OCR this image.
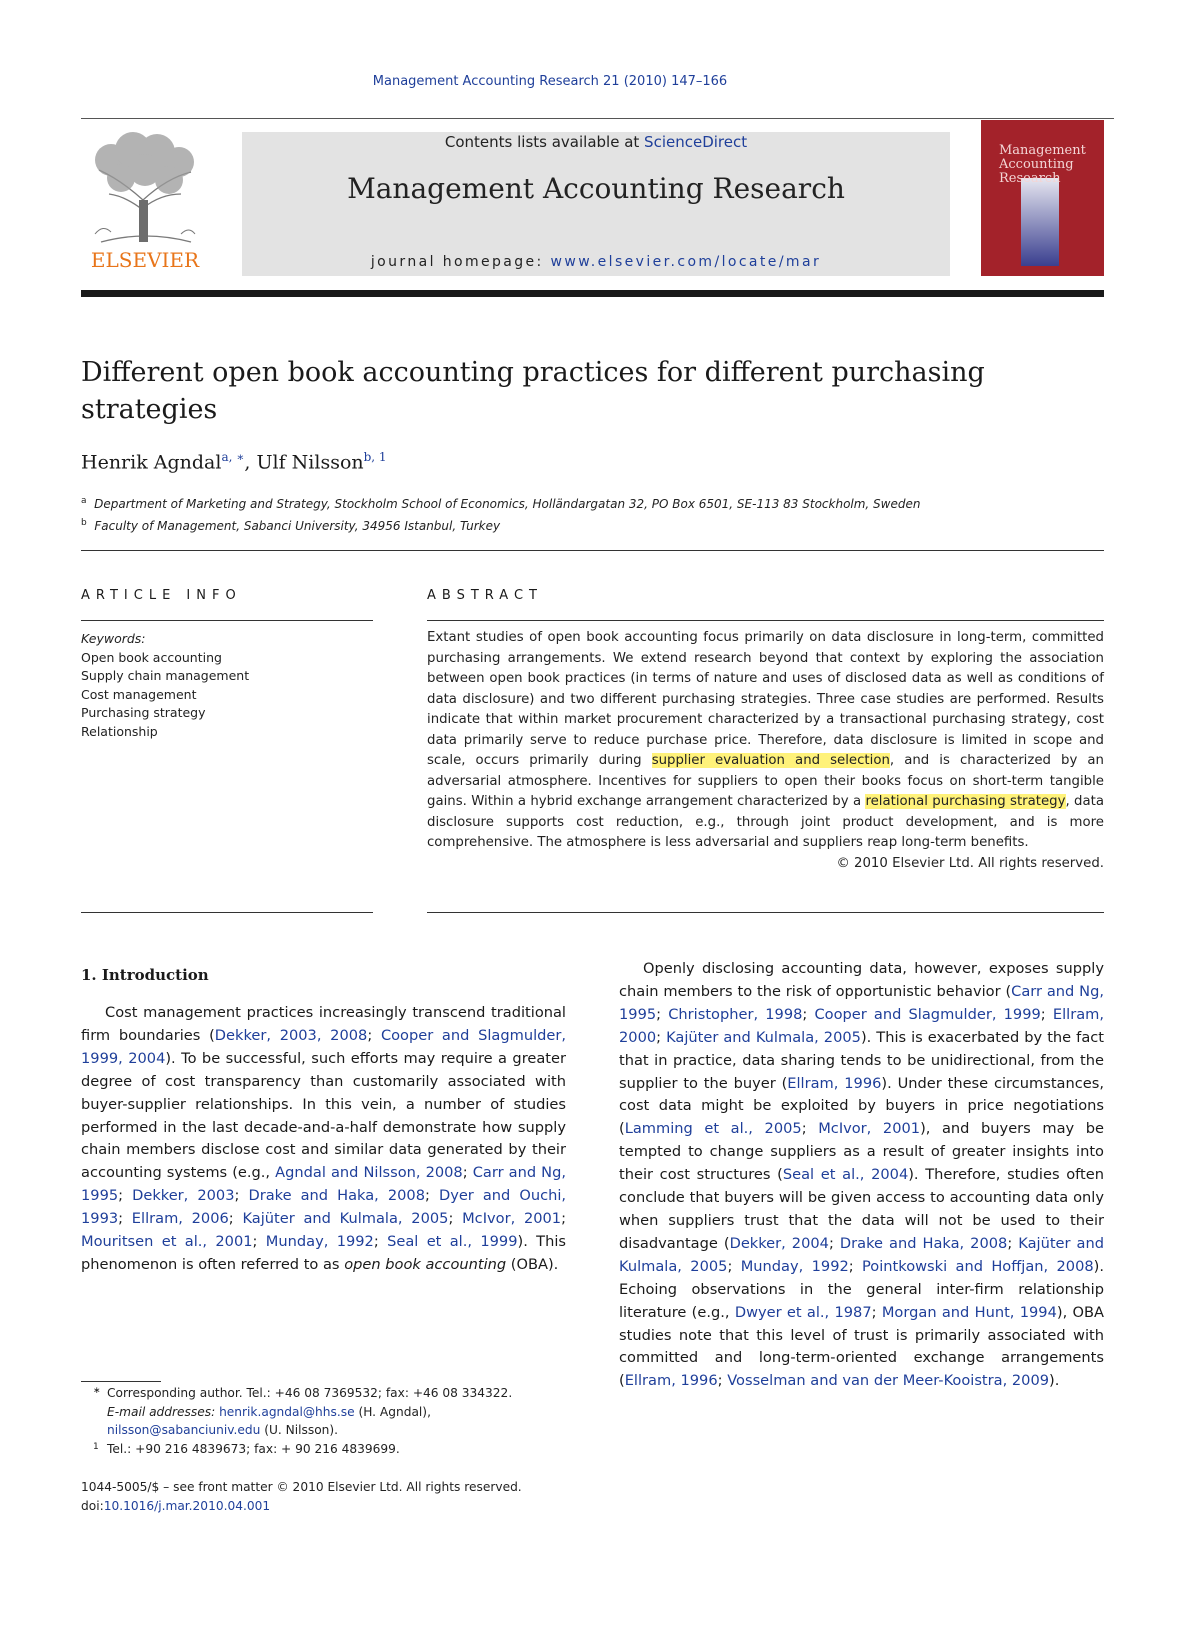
Management Accounting Research 21 (2010) 147–166
ELSEVIER
Contents lists available at ScienceDirect
Management Accounting Research
journal homepage: www.elsevier.com/locate/mar
Management Accounting Research
Different open book accounting practices for different purchasing strategies
Henrik Agndal$^{a, ∗}$, Ulf Nilsson$^{b, 1}$
$^a$ Department of Marketing and Strategy, Stockholm School of Economics, Holländargatan 32, PO Box 6501, SE-113 83 Stockholm, Sweden
$^b$ Faculty of Management, Sabanci University, 34956 Istanbul, Turkey
ARTICLE INFO	ABSTRACT
Keywords:
Open book accounting
Supply chain management
Cost management
Purchasing strategy
Relationship
Extant studies of open book accounting focus primarily on data disclosure in long-term, committed purchasing arrangements. We extend research beyond that context by exploring the association between open book practices (in terms of nature and uses of disclosed data as well as conditions of data disclosure) and two different purchasing strategies. Three case studies are performed. Results indicate that within market procurement characterized by a transactional purchasing strategy, cost data primarily serve to reduce purchase price. Therefore, data disclosure is limited in scope and scale, occurs primarily during supplier evaluation and selection, and is characterized by an adversarial atmosphere. Incentives for suppliers to open their books focus on short-term tangible gains. Within a hybrid exchange arrangement characterized by a relational purchasing strategy, data disclosure supports cost reduction, e.g., through joint product development, and is more comprehensive. The atmosphere is less adversarial and suppliers reap long-term benefits.
© 2010 Elsevier Ltd. All rights reserved.
1. Introduction
Cost management practices increasingly transcend traditional firm boundaries (Dekker, 2003, 2008; Cooper and Slagmulder, 1999, 2004). To be successful, such efforts may require a greater degree of cost transparency than customarily associated with buyer-supplier relationships. In this vein, a number of studies performed in the last decade-and-a-half demonstrate how supply chain members disclose cost and similar data generated by their accounting systems (e.g., Agndal and Nilsson, 2008; Carr and Ng, 1995; Dekker, 2003; Drake and Haka, 2008; Dyer and Ouchi, 1993; Ellram, 2006; Kajüter and Kulmala, 2005; McIvor, 2001; Mouritsen et al., 2001; Munday, 1992; Seal et al., 1999). This phenomenon is often referred to as open book accounting (OBA).
Openly disclosing accounting data, however, exposes supply chain members to the risk of opportunistic behavior (Carr and Ng, 1995; Christopher, 1998; Cooper and Slagmulder, 1999; Ellram, 2000; Kajüter and Kulmala, 2005). This is exacerbated by the fact that in practice, data sharing tends to be unidirectional, from the supplier to the buyer (Ellram, 1996). Under these circumstances, cost data might be exploited by buyers in price negotiations (Lamming et al., 2005; McIvor, 2001), and buyers may be tempted to change suppliers as a result of greater insights into their cost structures (Seal et al., 2004). Therefore, studies often conclude that buyers will be given access to accounting data only when suppliers trust that the data will not be used to their disadvantage (Dekker, 2004; Drake and Haka, 2008; Kajüter and Kulmala, 2005; Munday, 1992; Pointkowski and Hoffjan, 2008). Echoing observations in the general inter-firm relationship literature (e.g., Dwyer et al., 1987; Morgan and Hunt, 1994), OBA studies note that this level of trust is primarily associated with committed and long-term-oriented exchange arrangements (Ellram, 1996; Vosselman and van der Meer-Kooistra, 2009).
∗ Corresponding author. Tel.: +46 08 7369532; fax: +46 08 334322.
E-mail addresses: henrik.agndal@hhs.se (H. Agndal),
nilsson@sabanciuniv.edu (U. Nilsson).
1 Tel.: +90 216 4839673; fax: + 90 216 4839699.
1044-5005/$ – see front matter © 2010 Elsevier Ltd. All rights reserved.
doi:10.1016/j.mar.2010.04.001
